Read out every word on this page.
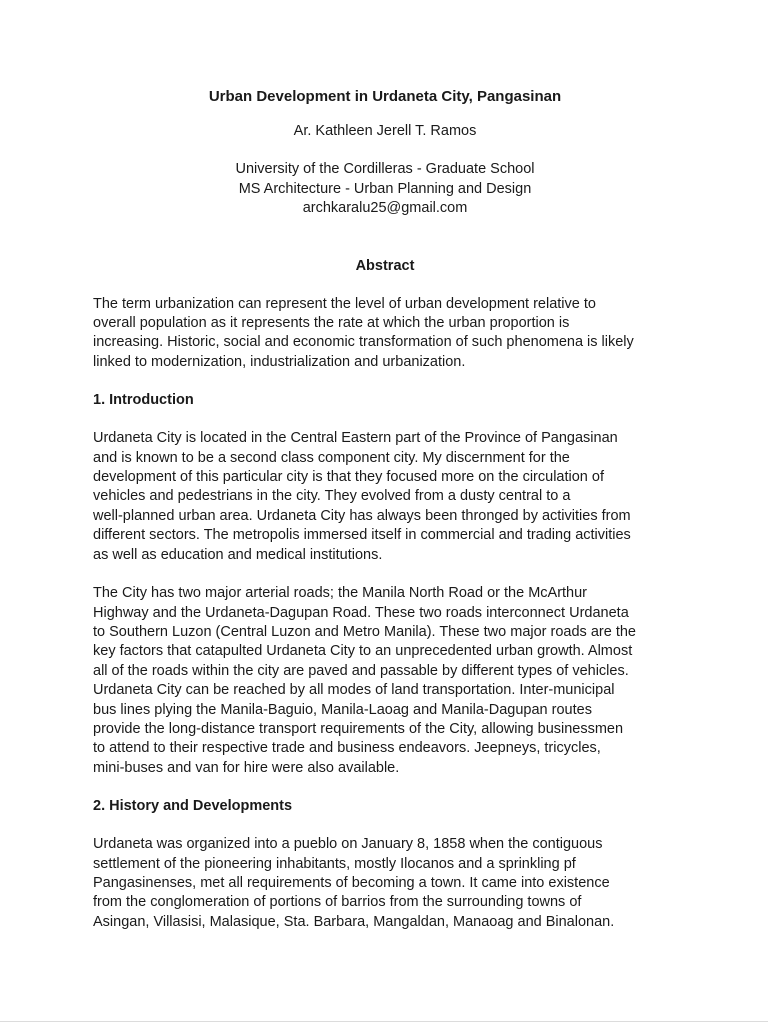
Urban Development in Urdaneta City, Pangasinan

Ar. Kathleen Jerell T. Ramos

University of the Cordilleras - Graduate School

MS Architecture - Urban Planning and Design

archkaralu25@gmail.com

Abstract

The term urbanization can represent the level of urban development relative to
overall population as it represents the rate at which the urban proportion is
increasing. Historic, social and economic transformation of such phenomena is likely
linked to modernization, industrialization and urbanization.

1. Introduction

Urdaneta City is located in the Central Eastern part of the Province of Pangasinan
and is known to be a second class component city. My discernment for the
development of this particular city is that they focused more on the circulation of
vehicles and pedestrians in the city. They evolved from a dusty central to a
well-planned urban area. Urdaneta City has always been thronged by activities from
different sectors. The metropolis immersed itself in commercial and trading activities
as well as education and medical institutions.

The City has two major arterial roads; the Manila North Road or the McArthur
Highway and the Urdaneta-Dagupan Road. These two roads interconnect Urdaneta
to Southern Luzon (Central Luzon and Metro Manila). These two major roads are the
key factors that catapulted Urdaneta City to an unprecedented urban growth. Almost
all of the roads within the city are paved and passable by different types of vehicles.
Urdaneta City can be reached by all modes of land transportation. Inter-municipal
bus lines plying the Manila-Baguio, Manila-Laoag and Manila-Dagupan routes
provide the long-distance transport requirements of the City, allowing businessmen
to attend to their respective trade and business endeavors. Jeepneys, tricycles,
mini-buses and van for hire were also available.

2. History and Developments

Urdaneta was organized into a pueblo on January 8, 1858 when the contiguous
settlement of the pioneering inhabitants, mostly Ilocanos and a sprinkling pf
Pangasinenses, met all requirements of becoming a town. It came into existence
from the conglomeration of portions of barrios from the surrounding towns of
Asingan, Villasisi, Malasique, Sta. Barbara, Mangaldan, Manaoag and Binalonan.
